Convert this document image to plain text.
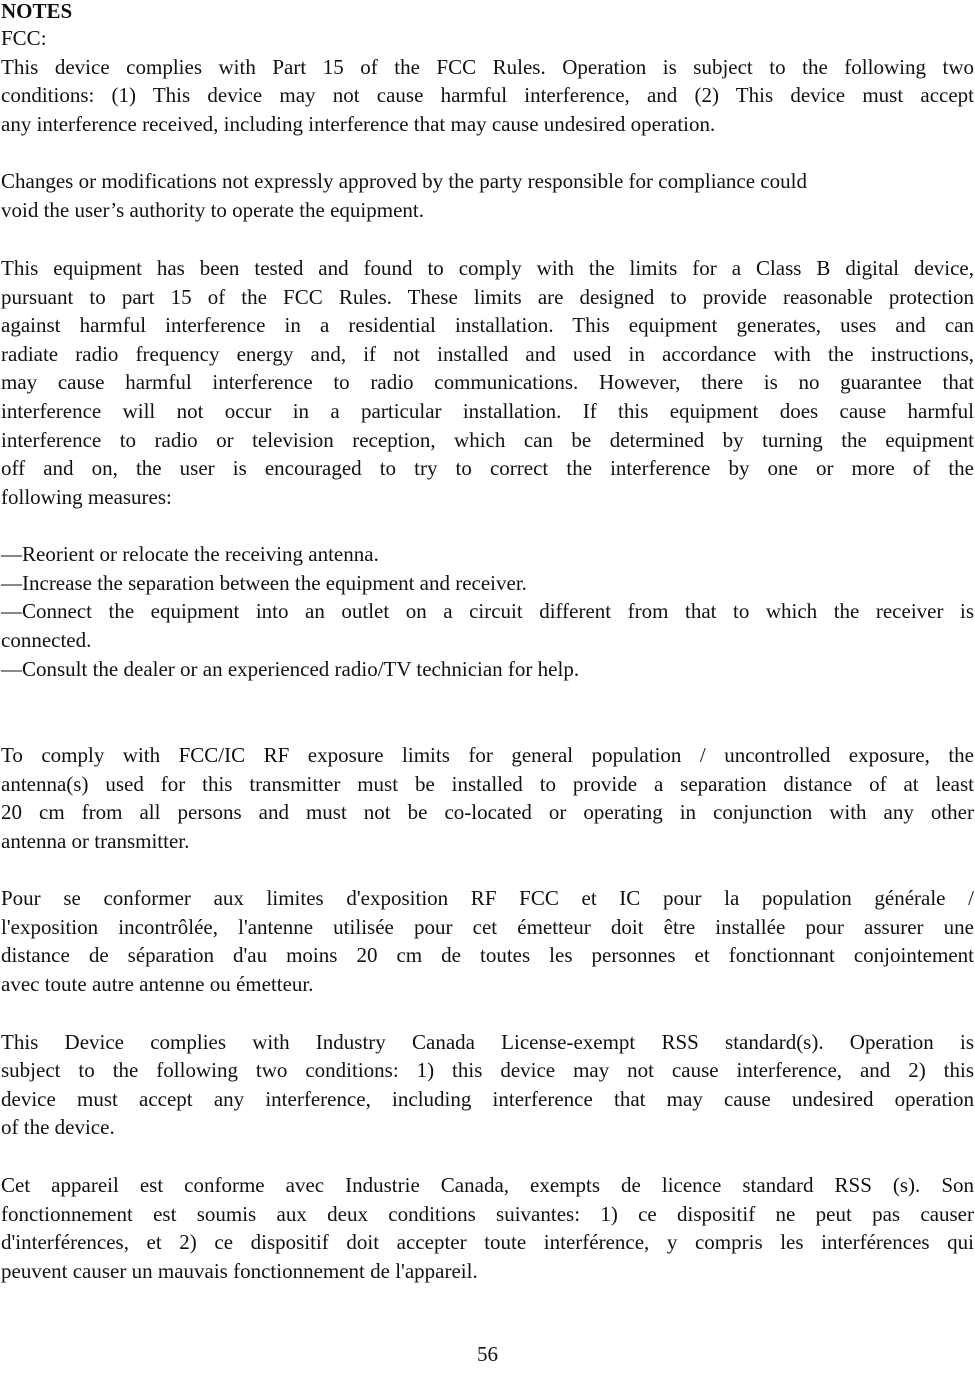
NOTES
FCC:
This device complies with Part 15 of the FCC Rules. Operation is subject to the following two
conditions: (1) This device may not cause harmful interference, and (2) This device must accept
any interference received, including interference that may cause undesired operation.
Changes or modifications not expressly approved by the party responsible for compliance could
void the user’s authority to operate the equipment.
This equipment has been tested and found to comply with the limits for a Class B digital device,
pursuant to part 15 of the FCC Rules. These limits are designed to provide reasonable protection
against harmful interference in a residential installation. This equipment generates, uses and can
radiate radio frequency energy and, if not installed and used in accordance with the instructions,
may cause harmful interference to radio communications. However, there is no guarantee that
interference will not occur in a particular installation. If this equipment does cause harmful
interference to radio or television reception, which can be determined by turning the equipment
off and on, the user is encouraged to try to correct the interference by one or more of the
following measures:
—Reorient or relocate the receiving antenna.
—Increase the separation between the equipment and receiver.
—Connect the equipment into an outlet on a circuit different from that to which the receiver is
connected.
—Consult the dealer or an experienced radio/TV technician for help.
To comply with FCC/IC RF exposure limits for general population / uncontrolled exposure, the
antenna(s) used for this transmitter must be installed to provide a separation distance of at least
20 cm from all persons and must not be co-located or operating in conjunction with any other
antenna or transmitter.
Pour se conformer aux limites d'exposition RF FCC et IC pour la population générale /
l'exposition incontrôlée, l'antenne utilisée pour cet émetteur doit être installée pour assurer une
distance de séparation d'au moins 20 cm de toutes les personnes et fonctionnant conjointement
avec toute autre antenne ou émetteur.
This Device complies with Industry Canada License-exempt RSS standard(s). Operation is
subject to the following two conditions: 1) this device may not cause interference, and 2) this
device must accept any interference, including interference that may cause undesired operation
of the device.
Cet appareil est conforme avec Industrie Canada, exempts de licence standard RSS (s). Son
fonctionnement est soumis aux deux conditions suivantes: 1) ce dispositif ne peut pas causer
d'interférences, et 2) ce dispositif doit accepter toute interférence, y compris les interférences qui
peuvent causer un mauvais fonctionnement de l'appareil.
56
